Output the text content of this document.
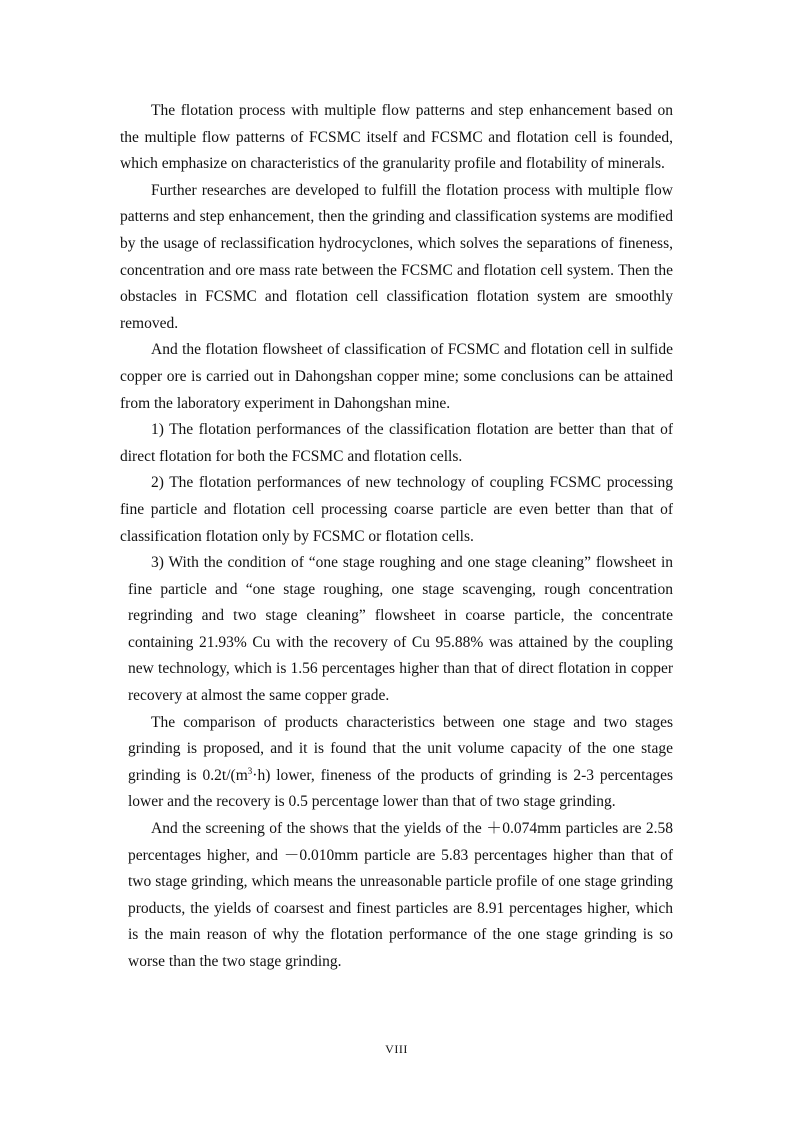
The flotation process with multiple flow patterns and step enhancement based on the multiple flow patterns of FCSMC itself and FCSMC and flotation cell is founded, which emphasize on characteristics of the granularity profile and flotability of minerals.

Further researches are developed to fulfill the flotation process with multiple flow patterns and step enhancement, then the grinding and classification systems are modified by the usage of reclassification hydrocyclones, which solves the separations of fineness, concentration and ore mass rate between the FCSMC and flotation cell system. Then the obstacles in FCSMC and flotation cell classification flotation system are smoothly removed.

And the flotation flowsheet of classification of FCSMC and flotation cell in sulfide copper ore is carried out in Dahongshan copper mine; some conclusions can be attained from the laboratory experiment in Dahongshan mine.

1) The flotation performances of the classification flotation are better than that of direct flotation for both the FCSMC and flotation cells.

2) The flotation performances of new technology of coupling FCSMC processing fine particle and flotation cell processing coarse particle are even better than that of classification flotation only by FCSMC or flotation cells.

3) With the condition of “one stage roughing and one stage cleaning” flowsheet in fine particle and “one stage roughing, one stage scavenging, rough concentration regrinding and two stage cleaning” flowsheet in coarse particle, the concentrate containing 21.93% Cu with the recovery of Cu 95.88% was attained by the coupling new technology, which is 1.56 percentages higher than that of direct flotation in copper recovery at almost the same copper grade.

The comparison of products characteristics between one stage and two stages grinding is proposed, and it is found that the unit volume capacity of the one stage grinding is $0.2t/(m^3\cdot h)$ lower, fineness of the products of grinding is 2-3 percentages lower and the recovery is 0.5 percentage lower than that of two stage grinding.

And the screening of the shows that the yields of the ＋0.074mm particles are 2.58 percentages higher, and －0.010mm particle are 5.83 percentages higher than that of two stage grinding, which means the unreasonable particle profile of one stage grinding products, the yields of coarsest and finest particles are 8.91 percentages higher, which is the main reason of why the flotation performance of the one stage grinding is so worse than the two stage grinding.

VIII
